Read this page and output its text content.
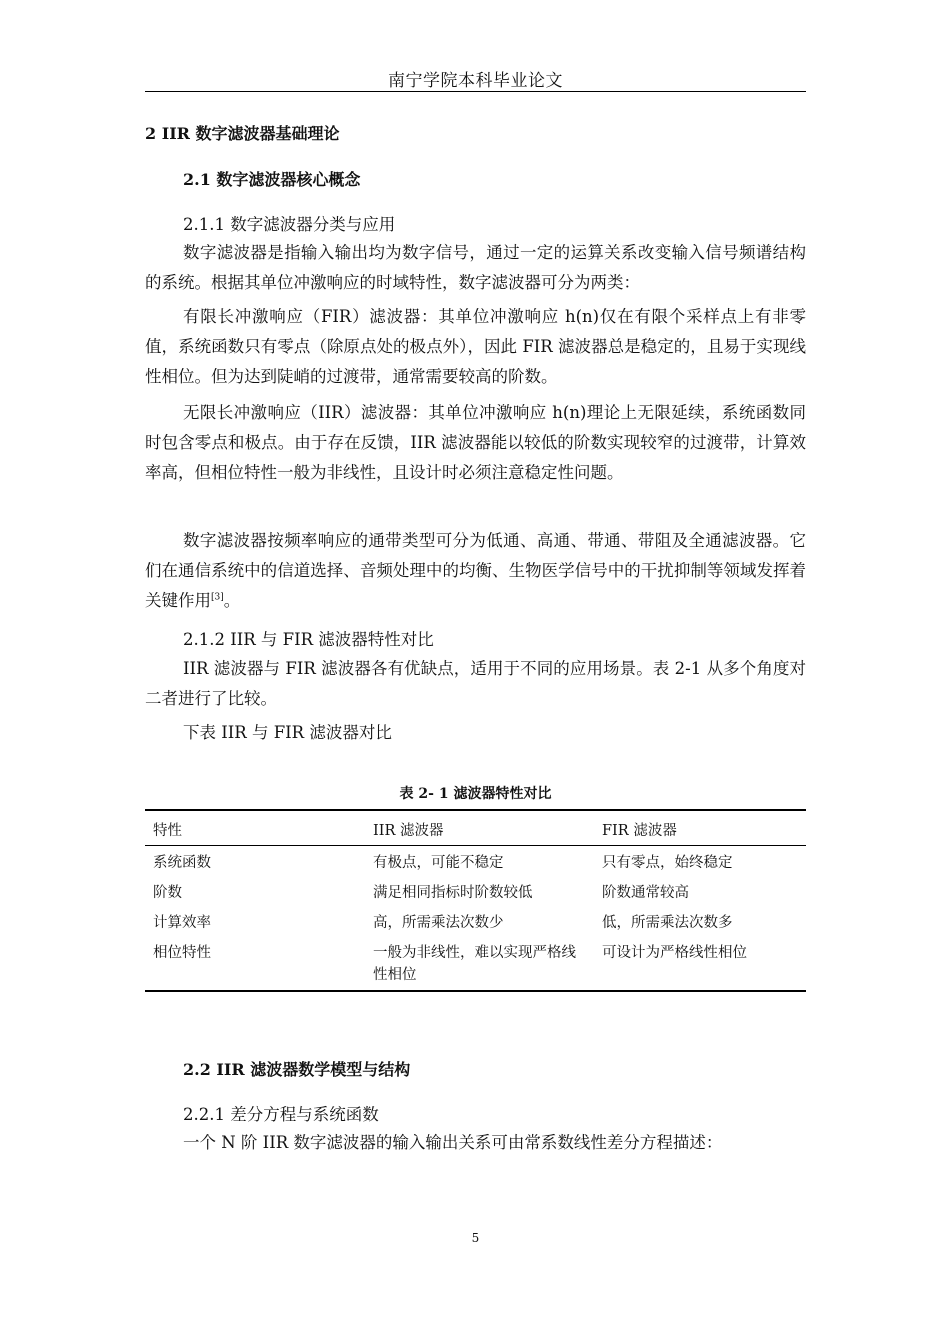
南宁学院本科毕业论文
2 IIR 数字滤波器基础理论
2.1 数字滤波器核心概念
2.1.1 数字滤波器分类与应用

数字滤波器是指输入输出均为数字信号，通过一定的运算关系改变输入信号频谱结构的系统。根据其单位冲激响应的时域特性，数字滤波器可分为两类：

有限长冲激响应（FIR）滤波器：其单位冲激响应 h(n)仅在有限个采样点上有非零值，系统函数只有零点（除原点处的极点外），因此 FIR 滤波器总是稳定的，且易于实现线性相位。但为达到陡峭的过渡带，通常需要较高的阶数。

无限长冲激响应（IIR）滤波器：其单位冲激响应 h(n)理论上无限延续，系统函数同时包含零点和极点。由于存在反馈，IIR 滤波器能以较低的阶数实现较窄的过渡带，计算效率高，但相位特性一般为非线性，且设计时必须注意稳定性问题。

数字滤波器按频率响应的通带类型可分为低通、高通、带通、带阻及全通滤波器。它们在通信系统中的信道选择、音频处理中的均衡、生物医学信号中的干扰抑制等领域发挥着关键作用[3]。

2.1.2 IIR 与 FIR 滤波器特性对比

IIR 滤波器与 FIR 滤波器各有优缺点，适用于不同的应用场景。表 2-1 从多个角度对二者进行了比较。

下表 IIR 与 FIR 滤波器对比

表 2- 1 滤波器特性对比
特性	IIR 滤波器	FIR 滤波器
系统函数	有极点，可能不稳定	只有零点，始终稳定
阶数	满足相同指标时阶数较低	阶数通常较高
计算效率	高，所需乘法次数少	低，所需乘法次数多
相位特性	一般为非线性，难以实现严格线性相位	可设计为严格线性相位
2.2 IIR 滤波器数学模型与结构
2.2.1 差分方程与系统函数

一个 N 阶 IIR 数字滤波器的输入输出关系可由常系数线性差分方程描述：

5
